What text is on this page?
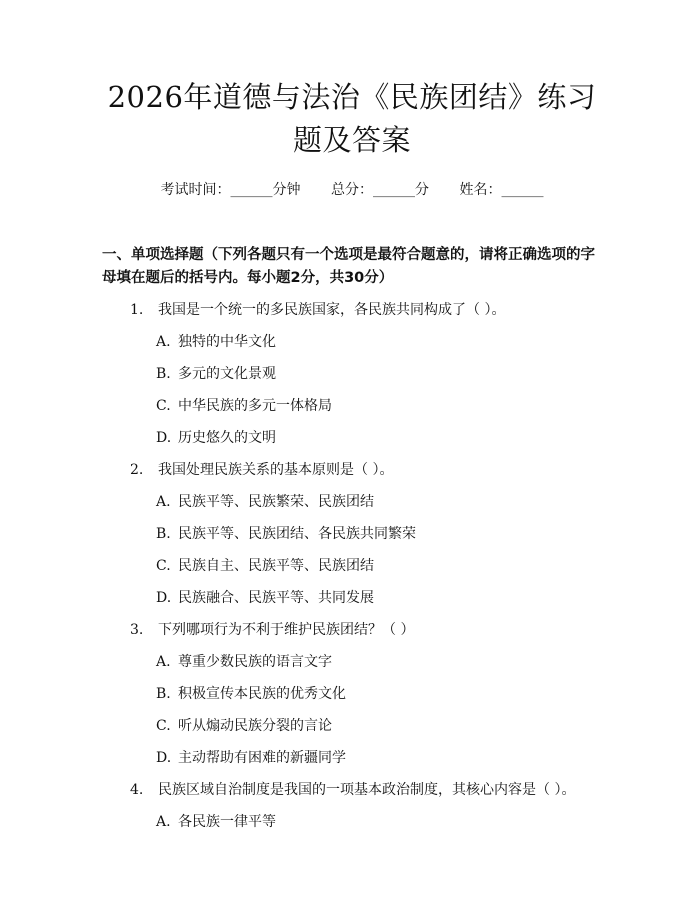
2026年道德与法治《民族团结》练习题及答案
考试时间：______分钟 总分：______分 姓名：______
一、单项选择题（下列各题只有一个选项是最符合题意的，请将正确选项的字母填在题后的括号内。每小题2分，共30分）
1.	我国是一个统一的多民族国家，各民族共同构成了（ ）。
A. 独特的中华文化
B. 多元的文化景观
C. 中华民族的多元一体格局
D. 历史悠久的文明
2.	我国处理民族关系的基本原则是（ ）。
A. 民族平等、民族繁荣、民族团结
B. 民族平等、民族团结、各民族共同繁荣
C. 民族自主、民族平等、民族团结
D. 民族融合、民族平等、共同发展
3.	下列哪项行为不利于维护民族团结？（ ）
A. 尊重少数民族的语言文字
B. 积极宣传本民族的优秀文化
C. 听从煽动民族分裂的言论
D. 主动帮助有困难的新疆同学
4.	民族区域自治制度是我国的一项基本政治制度，其核心内容是（ ）。
A. 各民族一律平等
